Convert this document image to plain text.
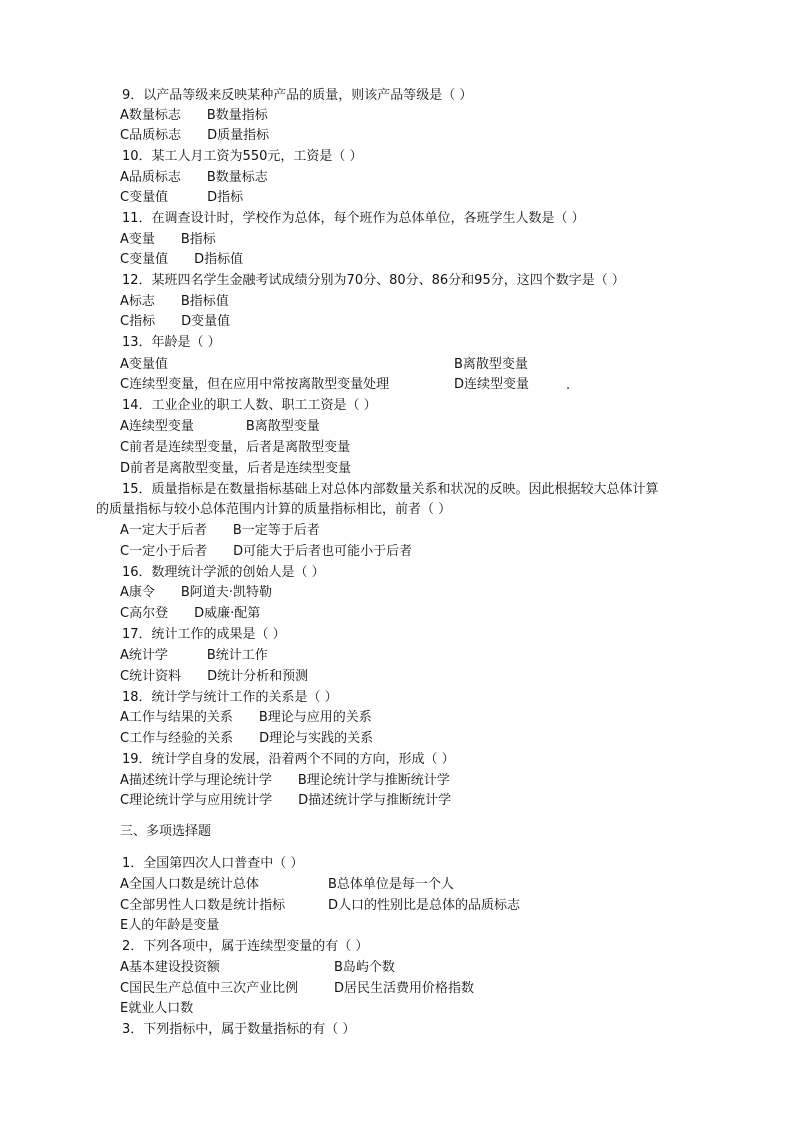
9．以产品等级来反映某种产品的质量，则该产品等级是（ ）
A数量标志　　B数量指标
C品质标志　　D质量指标
10．某工人月工资为550元，工资是（ ）
A品质标志　　B数量标志
C变量值　　　D指标
11．在调查设计时，学校作为总体，每个班作为总体单位，各班学生人数是（ ）
A变量　　B指标
C变量值　　D指标值
12．某班四名学生金融考试成绩分别为70分、80分、86分和95分，这四个数字是（ ）
A标志　　B指标值
C指标　　D变量值
13．年龄是（ ）
A变量值	B离散型变量
C连续型变量，但在应用中常按离散型变量处理	D连续型变量	.
14．工业企业的职工人数、职工工资是（ ）
A连续型变量　　　　B离散型变量
C前者是连续型变量，后者是离散型变量
D前者是离散型变量，后者是连续型变量
15．质量指标是在数量指标基础上对总体内部数量关系和状况的反映。因此根据较大总体计算
的质量指标与较小总体范围内计算的质量指标相比，前者（ ）
A一定大于后者　　B一定等于后者
C一定小于后者　　D可能大于后者也可能小于后者
16．数理统计学派的创始人是（ ）
A康令　　B阿道夫·凯特勒
C高尔登　　D威廉·配第
17．统计工作的成果是（ ）
A统计学　　　B统计工作
C统计资料　　D统计分析和预测
18．统计学与统计工作的关系是（ ）
A工作与结果的关系　　B理论与应用的关系
C工作与经验的关系　　D理论与实践的关系
19．统计学自身的发展，沿着两个不同的方向，形成（ ）
A描述统计学与理论统计学　　B理论统计学与推断统计学
C理论统计学与应用统计学　　D描述统计学与推断统计学
三、多项选择题
1．全国第四次人口普查中（ ）
A全国人口数是统计总体	B总体单位是每一个人
C全部男性人口数是统计指标	D人口的性别比是总体的品质标志
E人的年龄是变量
2．下列各项中，属于连续型变量的有（ ）
A基本建设投资额	B岛屿个数
C国民生产总值中三次产业比例	D居民生活费用价格指数
E就业人口数
3．下列指标中，属于数量指标的有（ ）
